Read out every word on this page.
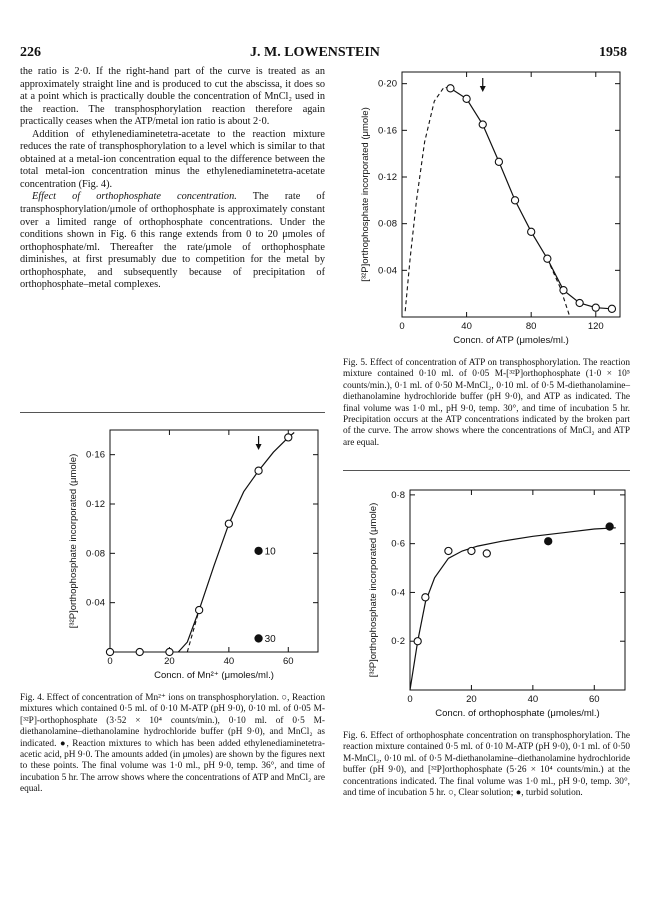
226	J. M. LOWENSTEIN	1958

the ratio is 2·0. If the right-hand part of the curve is treated as an approximately straight line and is produced to cut the abscissa, it does so at a point which is practically double the concentration of MnCl₂ used in the reaction. The transphosphorylation reaction therefore again practically ceases when the ATP/metal ion ratio is about 2·0.

Addition of ethylenediaminetetra-acetate to the reaction mixture reduces the rate of transphosphorylation to a level which is similar to that obtained at a metal-ion concentration equal to the difference between the total metal-ion concentration minus the ethylenediaminetetra-acetate concentration (Fig. 4).

Effect of orthophosphate concentration. The rate of transphosphorylation/μmole of orthophosphate is approximately constant over a limited range of orthophosphate concentrations. Under the conditions shown in Fig. 6 this range extends from 0 to 20 μmoles of orthophosphate/ml. Thereafter the rate/μmole of orthophosphate diminishes, at first presumably due to competition for the metal by orthophosphate, and subsequently because of precipitation of orthophosphate–metal complexes.

0	40	80	120
0·04
0·08
0·12
0·16
0·20
Concn. of ATP (μmoles/ml.)
[³²P]orthophosphate incorporated (μmole)
0	20	40	60
0·04
0·08
0·12
0·16
Concn. of Mn²⁺ (μmoles/ml.)
[³²P]orthophosphate incorporated (μmole)	10
30
0	20	40	60
0·2
0·4
0·6
0·8
Concn. of orthophosphate (μmoles/ml.)
[³²P]orthophosphate incorporated (μmole)
Fig. 5. Effect of concentration of ATP on transphosphorylation. The reaction mixture contained 0·10 ml. of 0·05 M-[³²P]orthophosphate (1·0 × 10⁵ counts/min.), 0·1 ml. of 0·50 M-MnCl₂, 0·10 ml. of 0·5 M-diethanolamine–diethanolamine hydrochloride buffer (pH 9·0), and ATP as indicated. The final volume was 1·0 ml., pH 9·0, temp. 30°, and time of incubation 5 hr. Precipitation occurs at the ATP concentrations indicated by the broken part of the curve. The arrow shows where the concentrations of MnCl₂ and ATP are equal.
Fig. 4. Effect of concentration of Mn²⁺ ions on transphosphorylation. ○, Reaction mixtures which contained 0·5 ml. of 0·10 M-ATP (pH 9·0), 0·10 ml. of 0·05 M-[³²P]-orthophosphate (3·52 × 10⁴ counts/min.), 0·10 ml. of 0·5 M-diethanolamine–diethanolamine hydrochloride buffer (pH 9·0), and MnCl₂ as indicated. ●, Reaction mixtures to which has been added ethylenediaminetetra-acetic acid, pH 9·0. The amounts added (in μmoles) are shown by the figures next to these points. The final volume was 1·0 ml., pH 9·0, temp. 36°, and time of incubation 5 hr. The arrow shows where the concentrations of ATP and MnCl₂ are equal.
Fig. 6. Effect of orthophosphate concentration on transphosphorylation. The reaction mixture contained 0·5 ml. of 0·10 M-ATP (pH 9·0), 0·1 ml. of 0·50 M-MnCl₂, 0·10 ml. of 0·5 M-diethanolamine–diethanolamine hydrochloride buffer (pH 9·0), and [³²P]orthophosphate (5·26 × 10⁴ counts/min.) at the concentrations indicated. The final volume was 1·0 ml., pH 9·0, temp. 30°, and time of incubation 5 hr. ○, Clear solution; ●, turbid solution.
